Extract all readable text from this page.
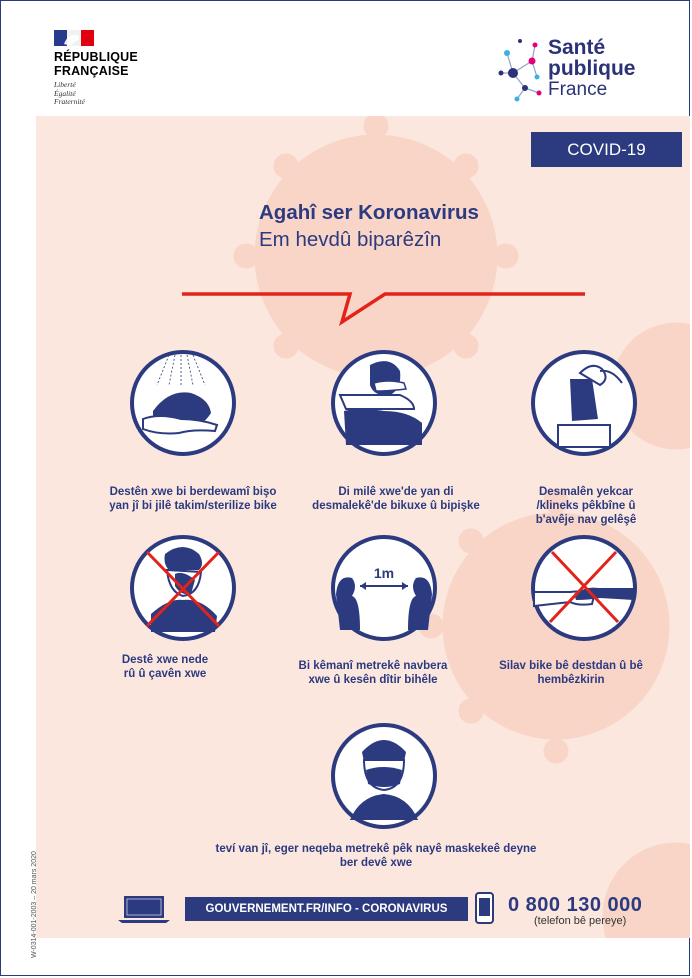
RÉPUBLIQUE
FRANÇAISE
Liberté
Égalité
Fraternité
Santé
publique
France
COVID-19
Agahî ser Koronavirus
Em hevdû biparêzîn
Destên xwe bi berdewamî bişo
yan jî bi jilê takim/sterilize bike
Di milê xwe'de yan di
desmalekê'de bikuxe û bipişke
Desmalên yekcar
/klineks pêkbîne û
b'avêje nav gelêşê
Destê xwe nede
rû û çavên xwe
1m
Bi kêmanî metrekê navbera
xwe û kesên dîtir bihêle
Silav bike bê destdan û bê
hembêzkirin
teví van jî, eger neqeba metrekê pêk nayê maskekeê deyne
ber devê xwe
W-0314-001-2003 – 20 mars 2020	GOUVERNEMENT.FR/INFO - CORONAVIRUS	0 800 130 000
(telefon bê pereye)
